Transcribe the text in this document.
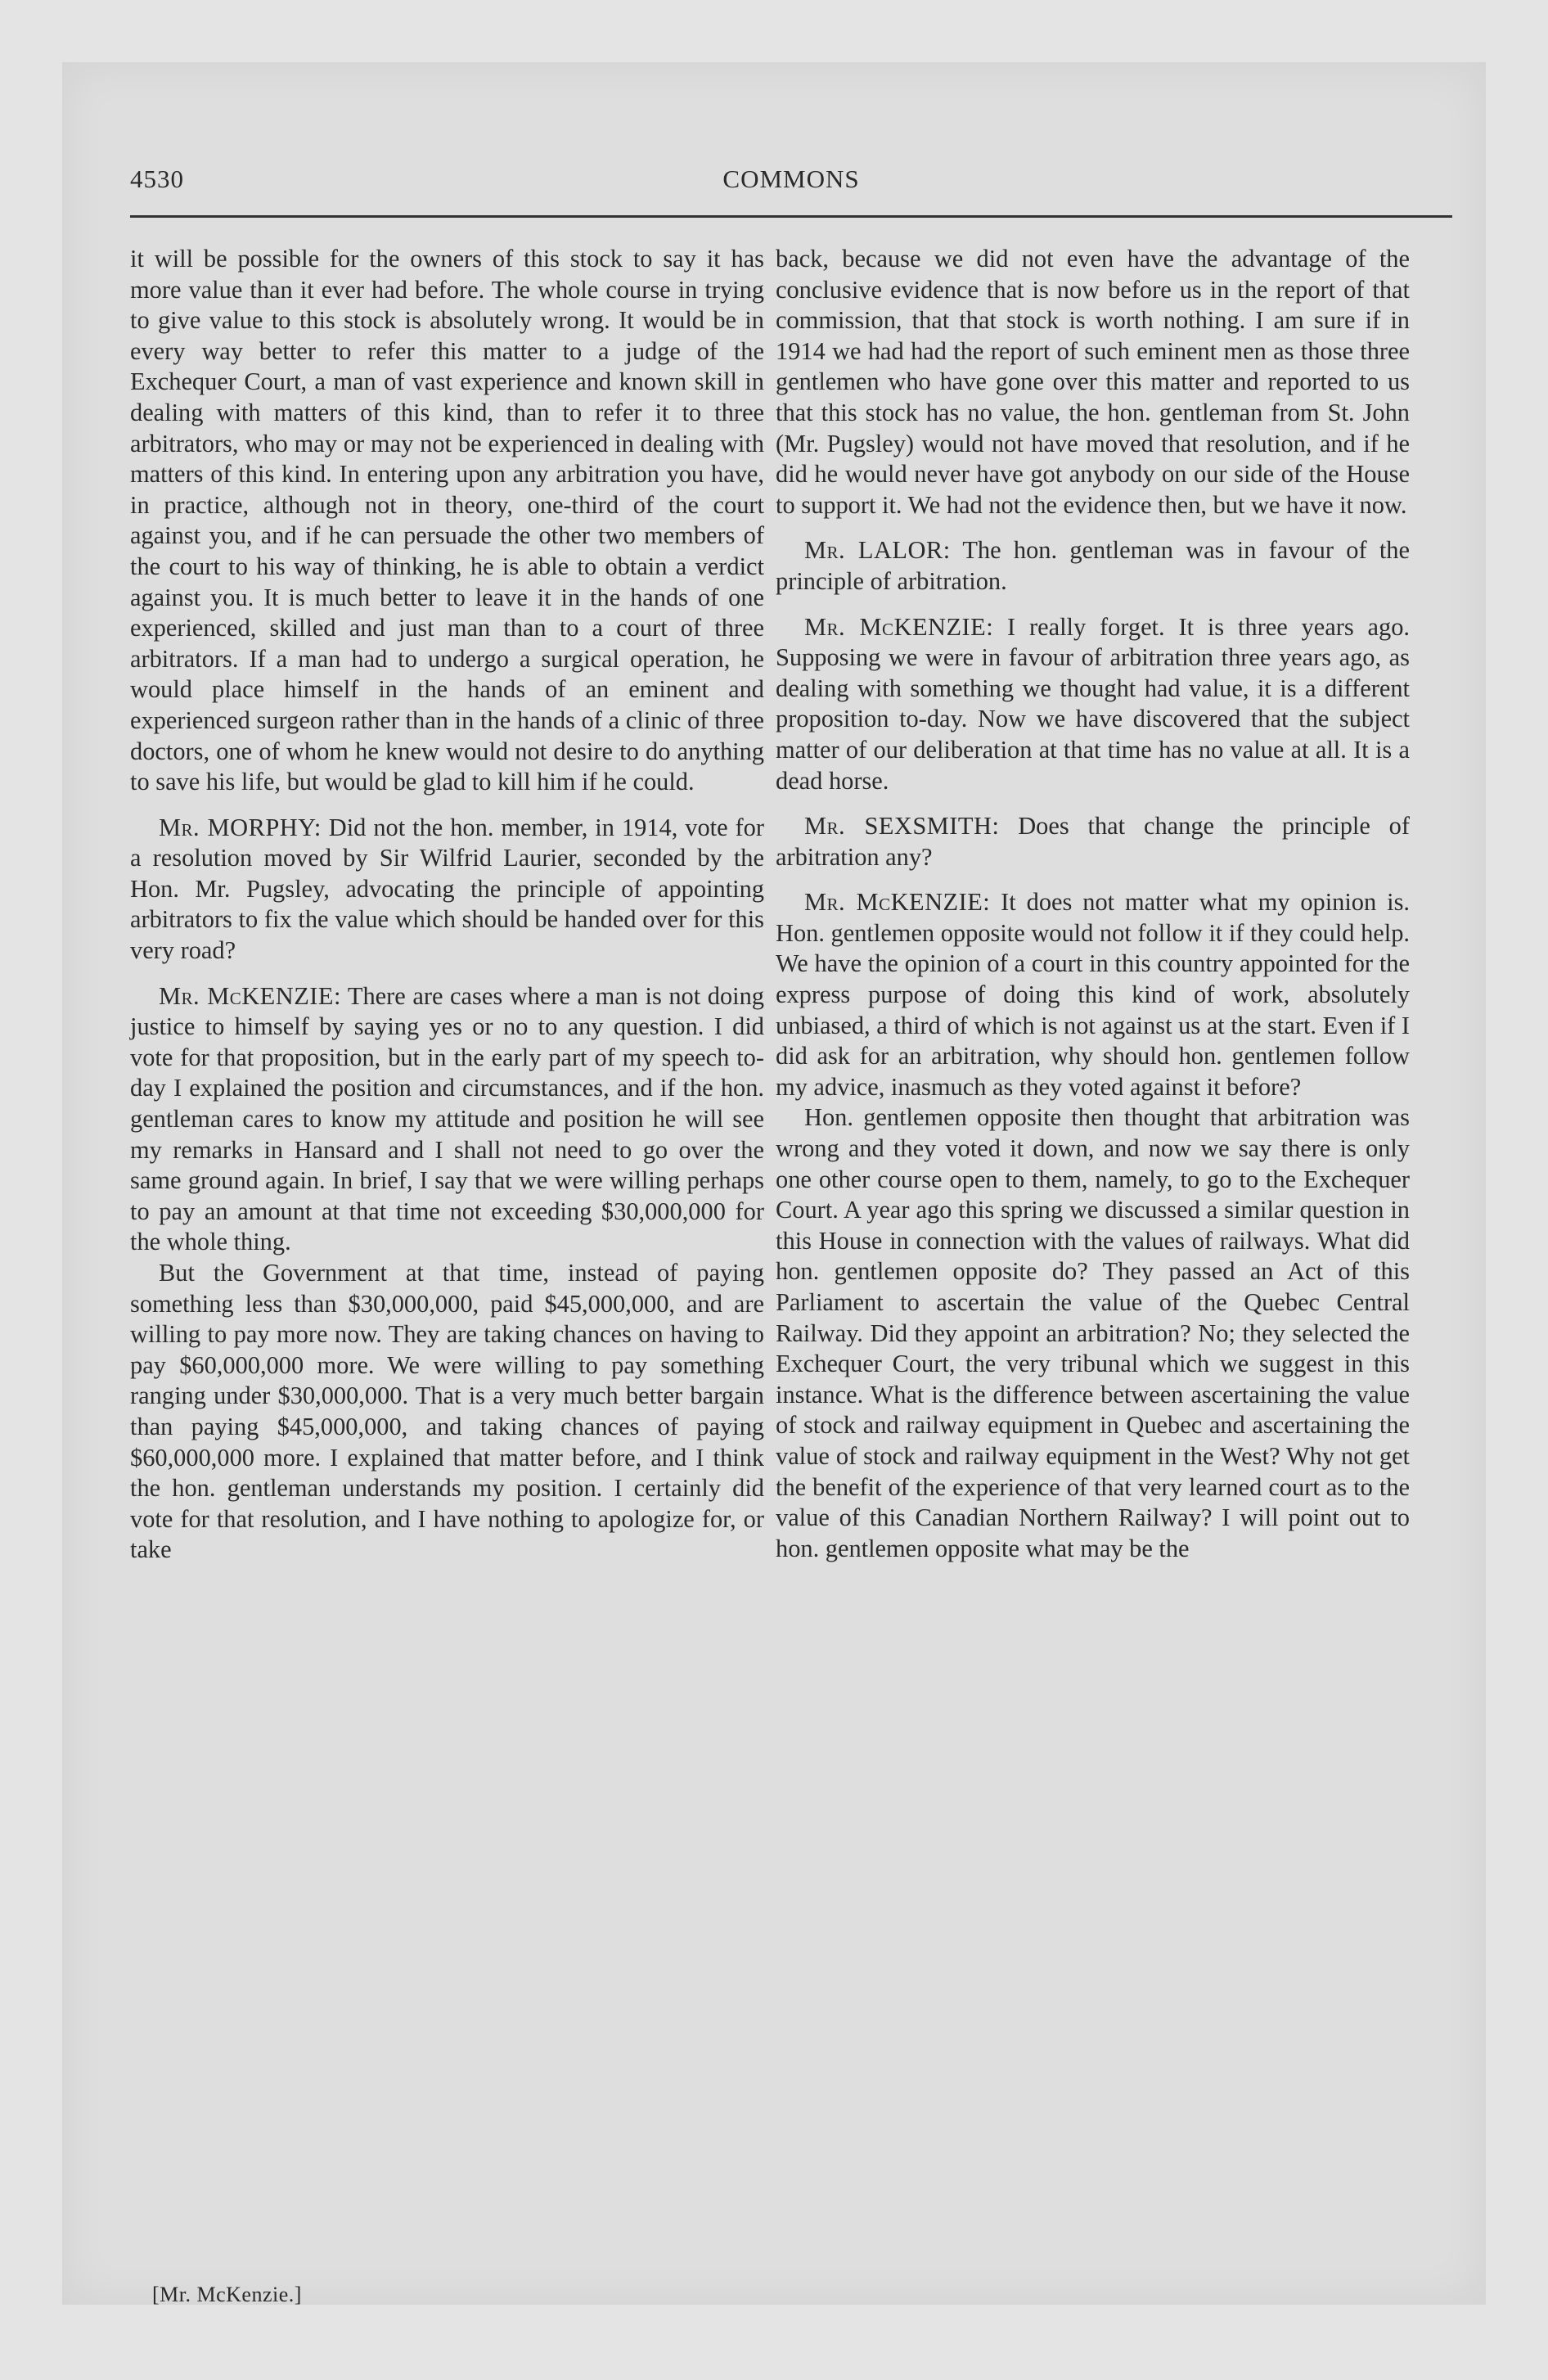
4530	COMMONS

it will be possible for the owners of this stock to say it has more value than it ever had before. The whole course in trying to give value to this stock is absolutely wrong. It would be in every way better to refer this matter to a judge of the Exchequer Court, a man of vast experience and known skill in dealing with matters of this kind, than to refer it to three arbitrators, who may or may not be experienced in dealing with matters of this kind. In entering upon any arbitration you have, in practice, although not in theory, one-third of the court against you, and if he can persuade the other two members of the court to his way of thinking, he is able to obtain a verdict against you. It is much better to leave it in the hands of one experienced, skilled and just man than to a court of three arbitrators. If a man had to undergo a surgical operation, he would place himself in the hands of an eminent and experienced surgeon rather than in the hands of a clinic of three doctors, one of whom he knew would not desire to do anything to save his life, but would be glad to kill him if he could.

Mr. MORPHY: Did not the hon. member, in 1914, vote for a resolution moved by Sir Wilfrid Laurier, seconded by the Hon. Mr. Pugsley, advocating the principle of appointing arbitrators to fix the value which should be handed over for this very road?

Mr. McKENZIE: There are cases where a man is not doing justice to himself by saying yes or no to any question. I did vote for that proposition, but in the early part of my speech to-day I explained the position and circumstances, and if the hon. gentleman cares to know my attitude and position he will see my remarks in Hansard and I shall not need to go over the same ground again. In brief, I say that we were willing perhaps to pay an amount at that time not exceeding $30,000,000 for the whole thing.

But the Government at that time, instead of paying something less than $30,000,000, paid $45,000,000, and are willing to pay more now. They are taking chances on having to pay $60,000,000 more. We were willing to pay something ranging under $30,000,000. That is a very much better bargain than paying $45,000,000, and taking chances of paying $60,000,000 more. I explained that matter before, and I think the hon. gentleman understands my position. I certainly did vote for that resolution, and I have nothing to apologize for, or take

back, because we did not even have the advantage of the conclusive evidence that is now before us in the report of that commission, that that stock is worth nothing. I am sure if in 1914 we had had the report of such eminent men as those three gentlemen who have gone over this matter and reported to us that this stock has no value, the hon. gentleman from St. John (Mr. Pugsley) would not have moved that resolution, and if he did he would never have got anybody on our side of the House to support it. We had not the evidence then, but we have it now.

Mr. LALOR: The hon. gentleman was in favour of the principle of arbitration.

Mr. McKENZIE: I really forget. It is three years ago. Supposing we were in favour of arbitration three years ago, as dealing with something we thought had value, it is a different proposition to-day. Now we have discovered that the subject matter of our deliberation at that time has no value at all. It is a dead horse.

Mr. SEXSMITH: Does that change the principle of arbitration any?

Mr. McKENZIE: It does not matter what my opinion is. Hon. gentlemen opposite would not follow it if they could help. We have the opinion of a court in this country appointed for the express purpose of doing this kind of work, absolutely unbiased, a third of which is not against us at the start. Even if I did ask for an arbitration, why should hon. gentlemen follow my advice, inasmuch as they voted against it before?

Hon. gentlemen opposite then thought that arbitration was wrong and they voted it down, and now we say there is only one other course open to them, namely, to go to the Exchequer Court. A year ago this spring we discussed a similar question in this House in connection with the values of railways. What did hon. gentlemen opposite do? They passed an Act of this Parliament to ascertain the value of the Quebec Central Railway. Did they appoint an arbitration? No; they selected the Exchequer Court, the very tribunal which we suggest in this instance. What is the difference between ascertaining the value of stock and railway equipment in Quebec and ascertaining the value of stock and railway equipment in the West? Why not get the benefit of the experience of that very learned court as to the value of this Canadian Northern Railway? I will point out to hon. gentlemen opposite what may be the

[Mr. McKenzie.]
